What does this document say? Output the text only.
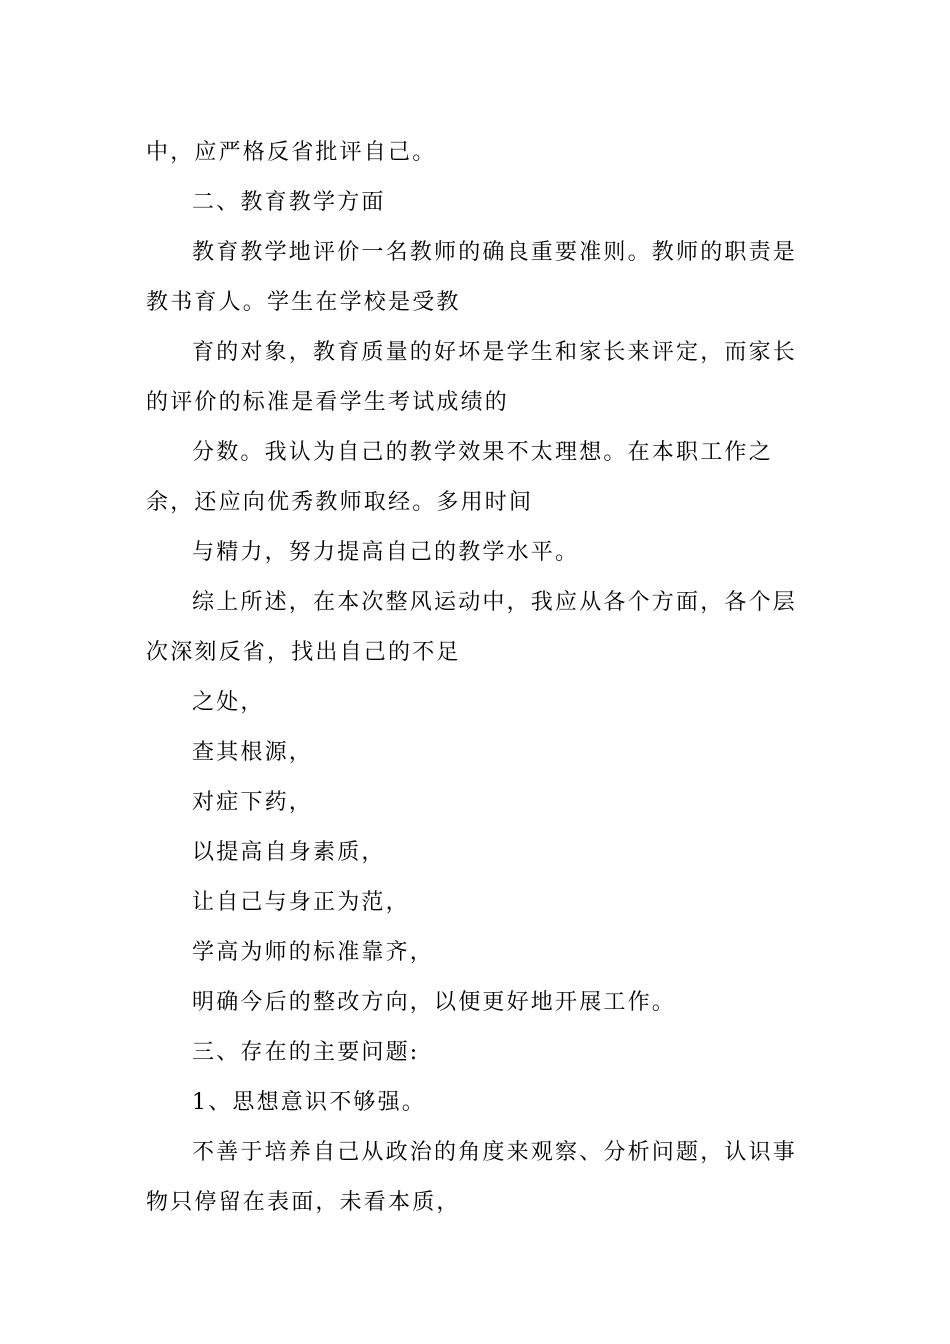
中，应严格反省批评自己。

二、教育教学方面

教育教学地评价一名教师的确良重要准则。教师的职责是教书育人。学生在学校是受教

育的对象，教育质量的好坏是学生和家长来评定，而家长的评价的标准是看学生考试成绩的

分数。我认为自己的教学效果不太理想。在本职工作之余，还应向优秀教师取经。多用时间

与精力，努力提高自己的教学水平。

综上所述，在本次整风运动中，我应从各个方面，各个层次深刻反省，找出自己的不足

之处，

查其根源，

对症下药，

以提高自身素质，

让自己与身正为范，

学高为师的标准靠齐，

明确今后的整改方向，以便更好地开展工作。

三、存在的主要问题:

1、思想意识不够强。

不善于培养自己从政治的角度来观察、分析问题，认识事物只停留在表面，未看本质，
